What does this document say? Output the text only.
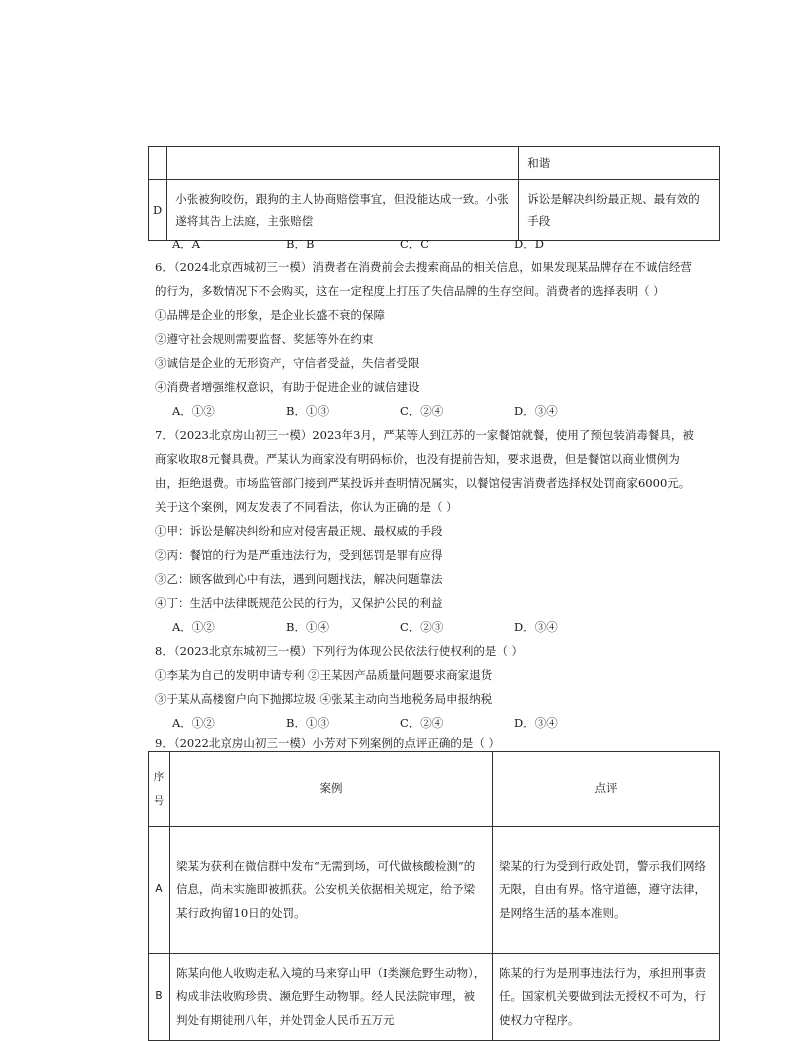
		和谐
D	小张被狗咬伤，跟狗的主人协商赔偿事宜，但没能达成一致。小张遂将其告上法庭，主张赔偿	诉讼是解决纠纷最正规、最有效的手段
A．A	B．B	C．C	D．D
6．（2024北京西城初三一模）消费者在消费前会去搜索商品的相关信息，如果发现某品牌存在不诚信经营
的行为，多数情况下不会购买，这在一定程度上打压了失信品牌的生存空间。消费者的选择表明（ ）
①品牌是企业的形象，是企业长盛不衰的保障
②遵守社会规则需要监督、奖惩等外在约束
③诚信是企业的无形资产，守信者受益，失信者受限
④消费者增强维权意识，有助于促进企业的诚信建设
A．①②	B．①③	C．②④	D．③④
7．（2023北京房山初三一模）2023年3月，严某等人到江苏的一家餐馆就餐，使用了预包装消毒餐具，被
商家收取8元餐具费。严某认为商家没有明码标价，也没有提前告知，要求退费，但是餐馆以商业惯例为
由，拒绝退费。市场监管部门接到严某投诉并查明情况属实，以餐馆侵害消费者选择权处罚商家6000元。
关于这个案例，网友发表了不同看法，你认为正确的是（ ）
①甲：诉讼是解决纠纷和应对侵害最正规、最权威的手段
②丙：餐馆的行为是严重违法行为，受到惩罚是罪有应得
③乙：顾客做到心中有法，遇到问题找法，解决问题靠法
④丁：生活中法律既规范公民的行为，又保护公民的利益
A．①②	B．①④	C．②③	D．③④
8．（2023北京东城初三一模）下列行为体现公民依法行使权利的是（ ）
①李某为自己的发明申请专利 ②王某因产品质量问题要求商家退货
③于某从高楼窗户向下抛掷垃圾 ④张某主动向当地税务局申报纳税
A．①②	B．①③	C．②④	D．③④
9．（2022北京房山初三一模）小芳对下列案例的点评正确的是（ ）
序号	案例	点评
A	梁某为获利在微信群中发布“无需到场，可代做核酸检测”的信息，尚未实施即被抓获。公安机关依据相关规定，给予梁某行政拘留10日的处罚。	梁某的行为受到行政处罚，警示我们网络无限，自由有界。恪守道德，遵守法律，是网络生活的基本准则。
B	陈某向他人收购走私入境的马来穿山甲（I类濒危野生动物），构成非法收购珍贵、濒危野生动物罪。经人民法院审理，被判处有期徒刑八年，并处罚金人民币五万元	陈某的行为是刑事违法行为，承担刑事责任。国家机关要做到法无授权不可为，行使权力守程序。
